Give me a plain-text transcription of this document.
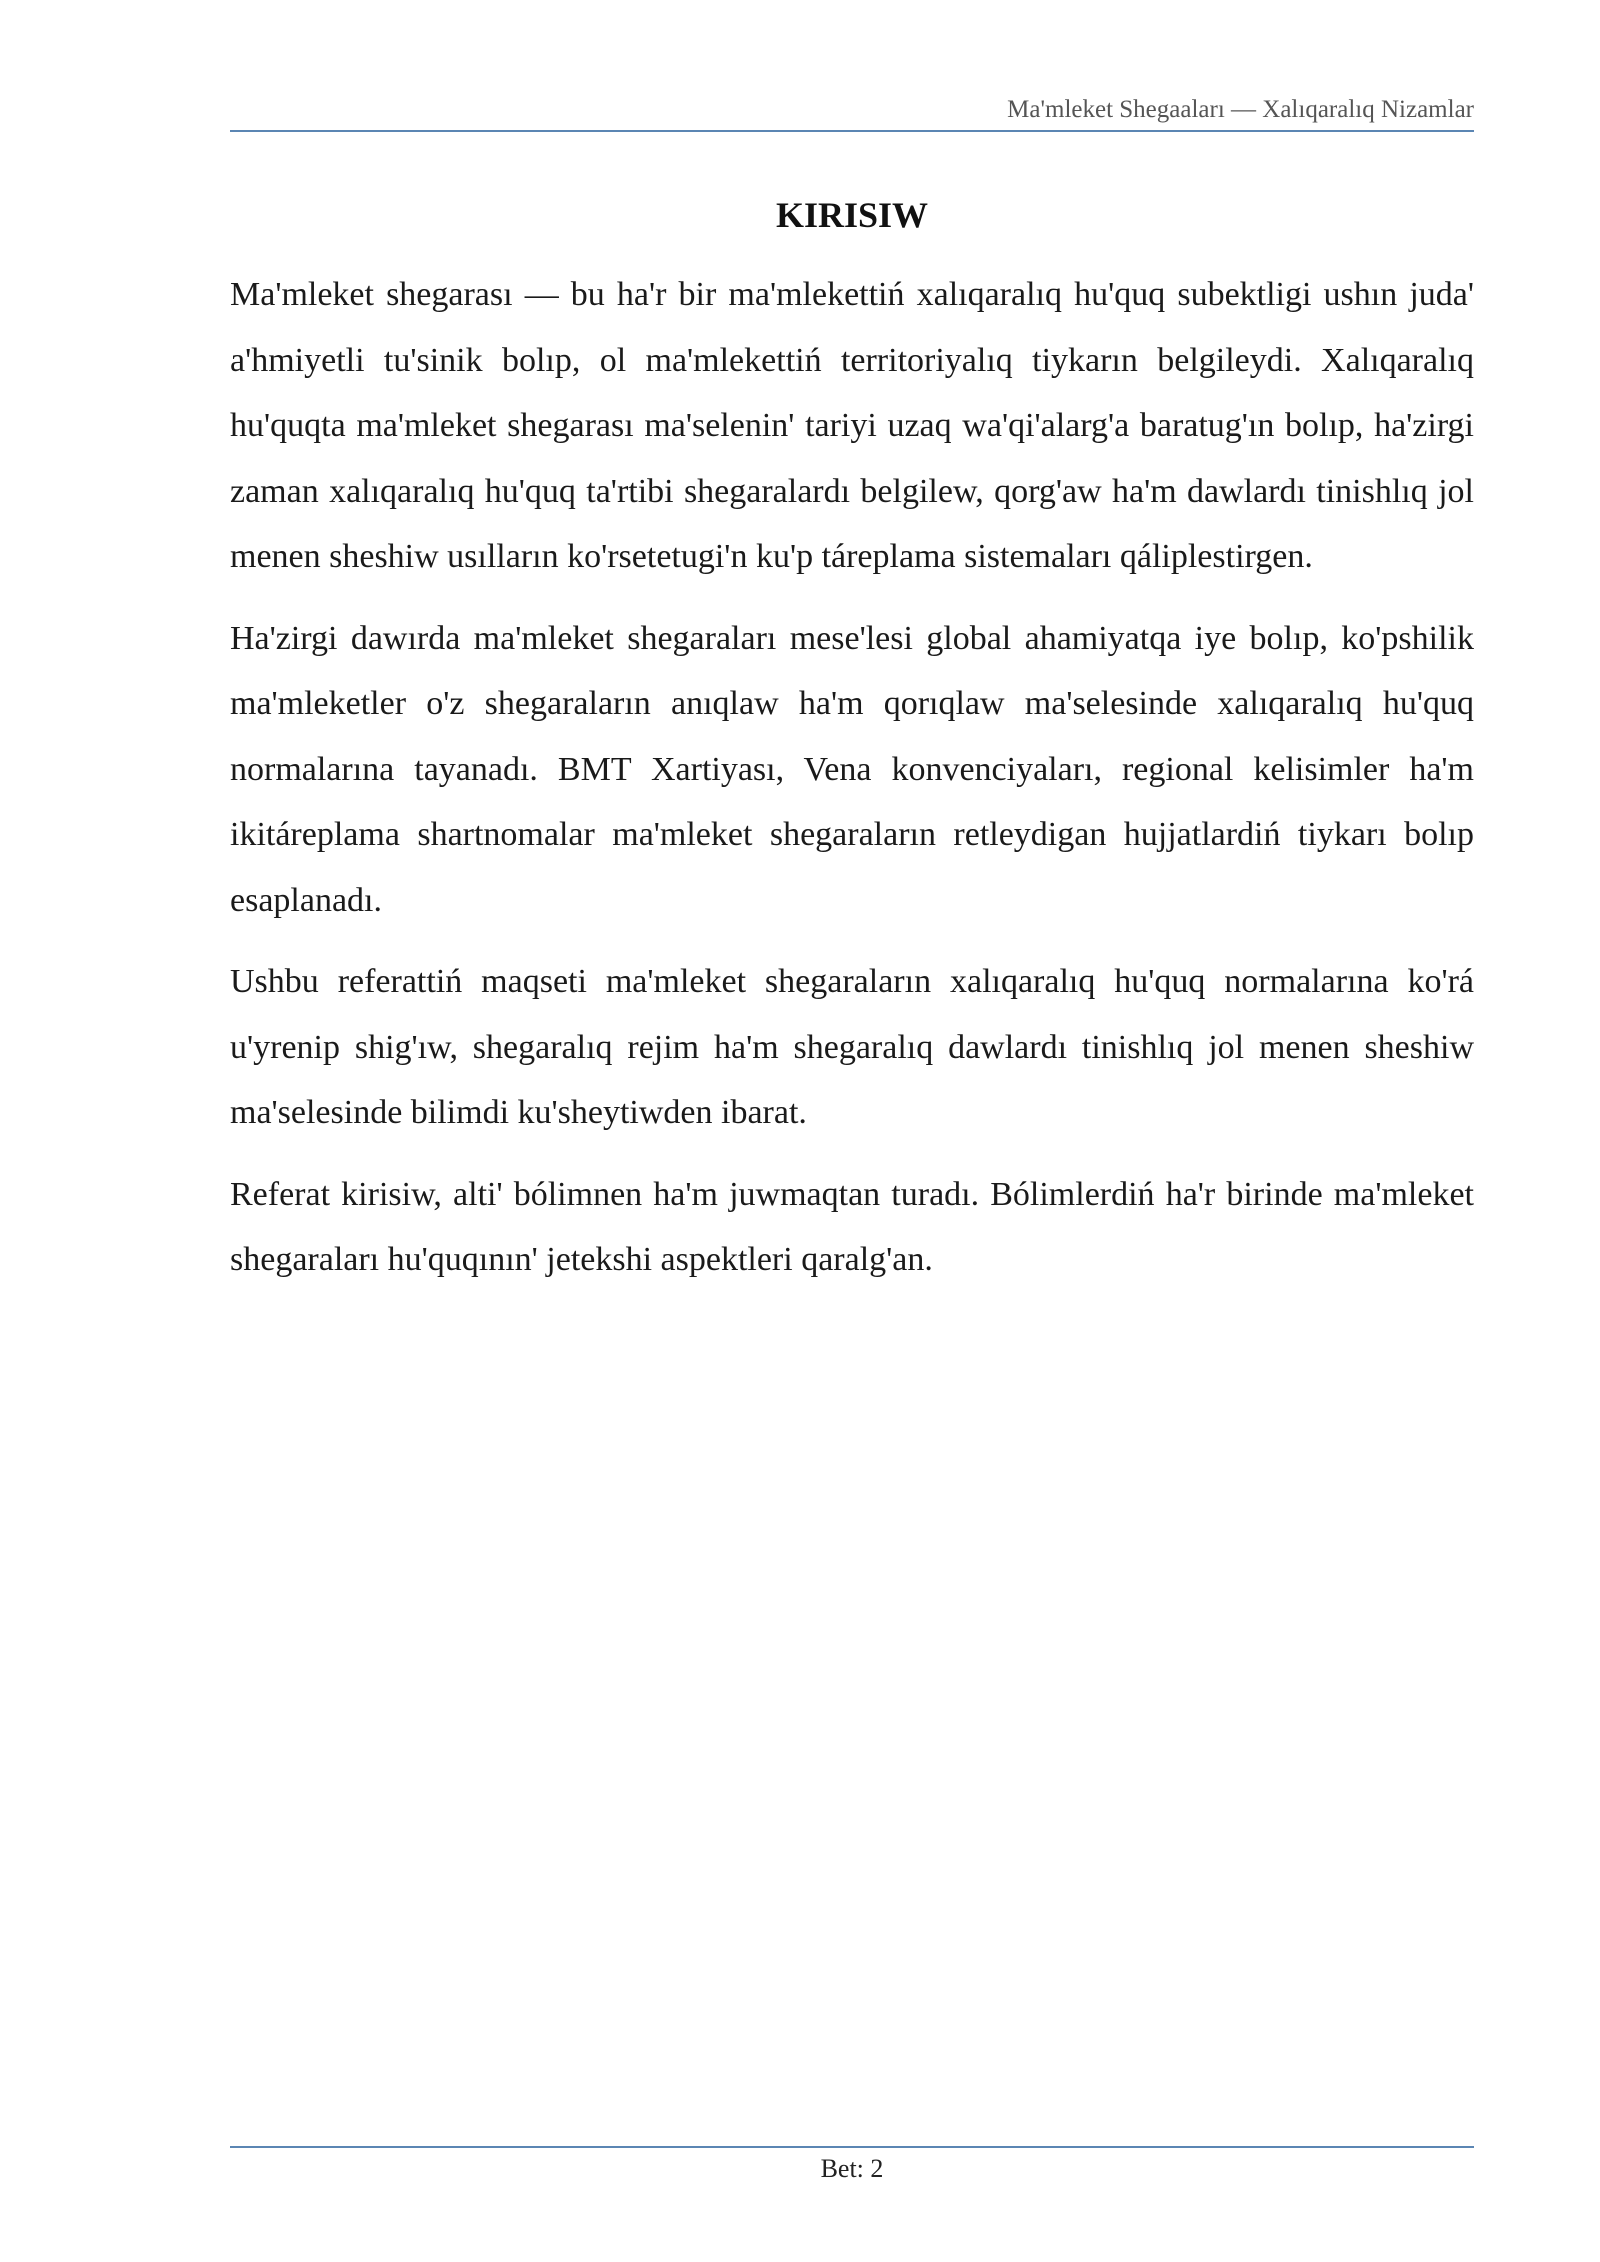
Ma'mleket Shegaaları — Xalıqaralıq Nizamlar
KIRISIW

Ma'mleket shegarası — bu ha'r bir ma'mlekettiń xalıqaralıq hu'quq subektligi ushın juda' a'hmiyetli tu'sinik bolıp, ol ma'mlekettiń territoriyalıq tiykarın belgileydi. Xalıqaralıq hu'quqta ma'mleket shegarası ma'selenin' tariyi uzaq wa'qi'alarg'a baratug'ın bolıp, ha'zirgi zaman xalıqaralıq hu'quq ta'rtibi shegaralardı belgilew, qorg'aw ha'm dawlardı tinishlıq jol menen sheshiw usılların ko'rsetetugi'n ku'p táreplama sistemaları qáliplestirgen.

Ha'zirgi dawırda ma'mleket shegaraları mese'lesi global ahamiyatqa iye bolıp, ko'pshilik ma'mleketler o'z shegaraların anıqlaw ha'm qorıqlaw ma'selesinde xalıqaralıq hu'quq normalarına tayanadı. BMT Xartiyası, Vena konvenciyaları, regional kelisimler ha'm ikitáreplama shartnomalar ma'mleket shegaraların retleydigan hujjatlardiń tiykarı bolıp esaplanadı.

Ushbu referattiń maqseti ma'mleket shegaraların xalıqaralıq hu'quq normalarına ko'rá u'yrenip shig'ıw, shegaralıq rejim ha'm shegaralıq dawlardı tinishlıq jol menen sheshiw ma'selesinde bilimdi ku'sheytiwden ibarat.

Referat kirisiw, alti' bólimnen ha'm juwmaqtan turadı. Bólimlerdiń ha'r birinde ma'mleket shegaraları hu'quqının' jetekshi aspektleri qaralg'an.

Bet: 2
